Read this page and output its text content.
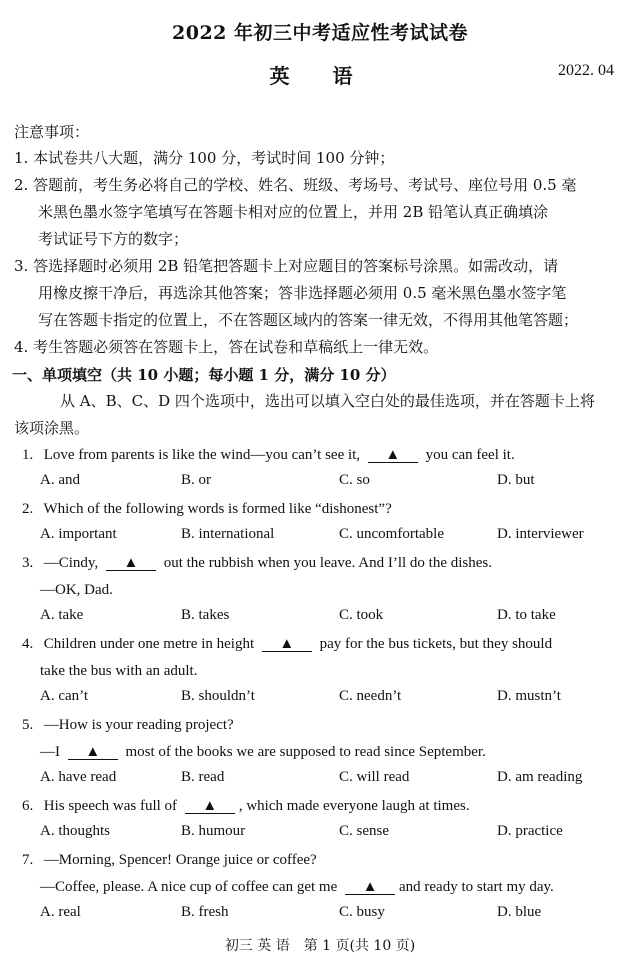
2022 年初三中考适应性考试试卷
英 语	2022. 04
注意事项：
1. 本试卷共八大题，满分 100 分，考试时间 100 分钟；
2. 答题前，考生务必将自己的学校、姓名、班级、考场号、考试号、座位号用 0.5 毫
米黑色墨水签字笔填写在答题卡相对应的位置上，并用 2B 铅笔认真正确填涂
考试证号下方的数字；
3. 答选择题时必须用 2B 铅笔把答题卡上对应题目的答案标号涂黑。如需改动，请
用橡皮擦干净后，再选涂其他答案；答非选择题必须用 0.5 毫米黑色墨水签字笔
写在答题卡指定的位置上，不在答题区域内的答案一律无效，不得用其他笔答题；
4. 考生答题必须答在答题卡上，答在试卷和草稿纸上一律无效。
一、单项填空（共 10 小题；每小题 1 分，满分 10 分）
从 A、B、C、D 四个选项中，选出可以填入空白处的最佳选项，并在答题卡上将
该项涂黑。
1. Love from parents is like the wind—you can’t see it, ▲ you can feel it.
A. and	B. or	C. so	D. but
2. Which of the following words is formed like “dishonest”?
A. important	B. international	C. uncomfortable	D. interviewer
3. —Cindy, ▲ out the rubbish when you leave. And I’ll do the dishes.
—OK, Dad.
A. take	B. takes	C. took	D. to take
4. Children under one metre in height ▲ pay for the bus tickets, but they should
take the bus with an adult.
A. can’t	B. shouldn’t	C. needn’t	D. mustn’t
5. —How is your reading project?
—I ▲ most of the books we are supposed to read since September.
A. have read	B. read	C. will read	D. am reading
6. His speech was full of ▲ , which made everyone laugh at times.
A. thoughts	B. humour	C. sense	D. practice
7. —Morning, Spencer! Orange juice or coffee?
—Coffee, please. A nice cup of coffee can get me ▲ and ready to start my day.
A. real	B. fresh	C. busy	D. blue
初三 英 语　第 1 页(共 10 页)
